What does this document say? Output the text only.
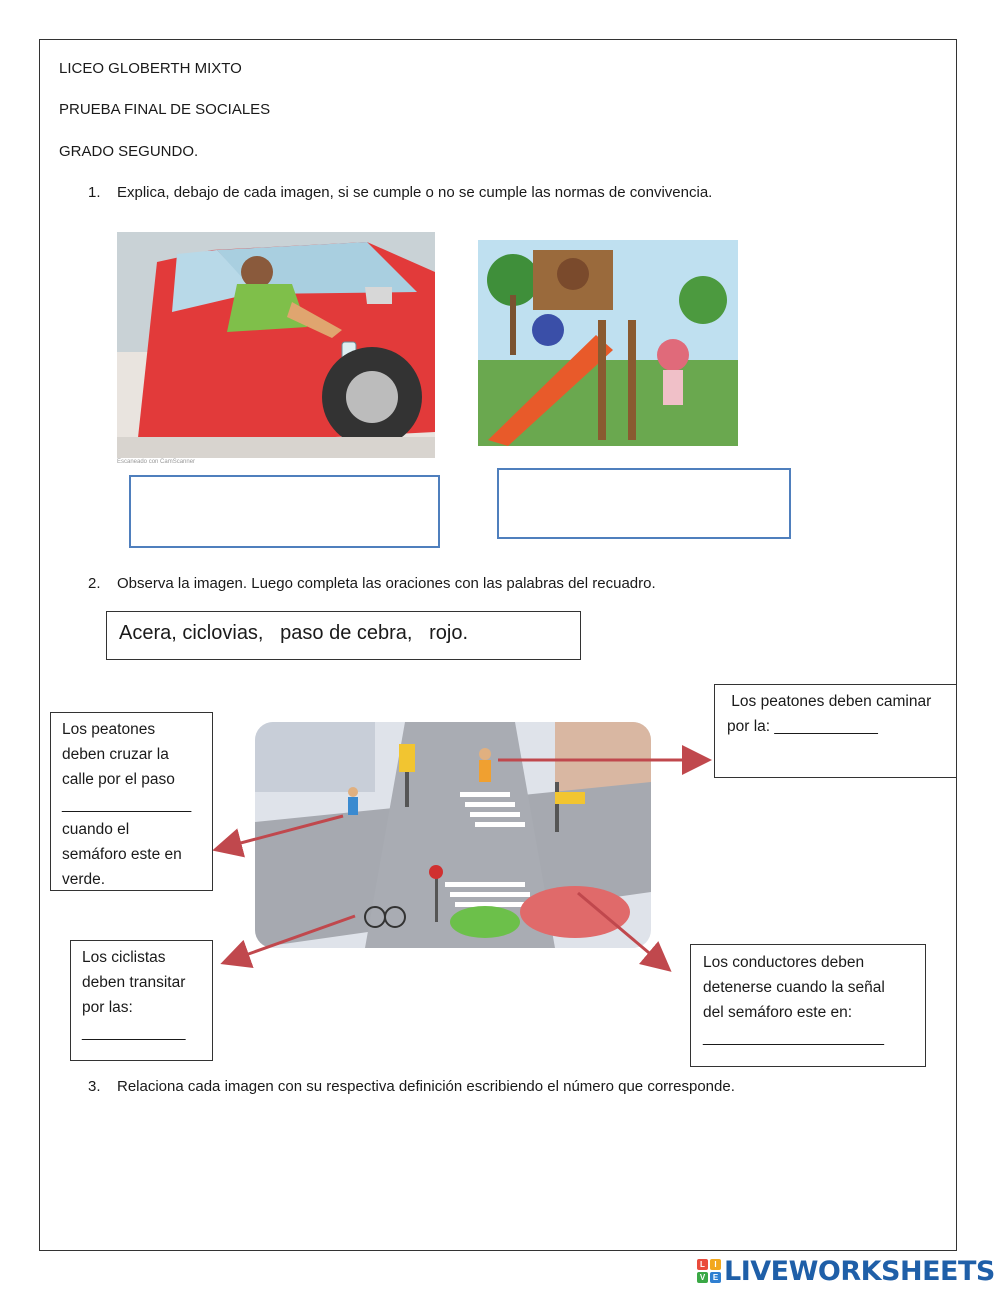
LICEO GLOBERTH MIXTO
PRUEBA FINAL DE SOCIALES
GRADO SEGUNDO.
1. Explica, debajo de cada imagen, si se cumple o no se cumple las normas de convivencia.
Escaneado con CamScanner
2. Observa la imagen. Luego completa las oraciones con las palabras del recuadro.
Acera, ciclovias,   paso de cebra,   rojo.
Los peatones deben caminar
por la: ____________
Los peatones
deben cruzar la
calle por el paso
_______________
cuando el
semáforo este en
verde.
Los ciclistas
deben transitar
por las:
____________
Los conductores deben
detenerse cuando la señal
del semáforo este en:
_____________________
3. Relaciona cada imagen con su respectiva definición escribiendo el número que corresponde.
L	I
V E LIVEWORKSHEETS
